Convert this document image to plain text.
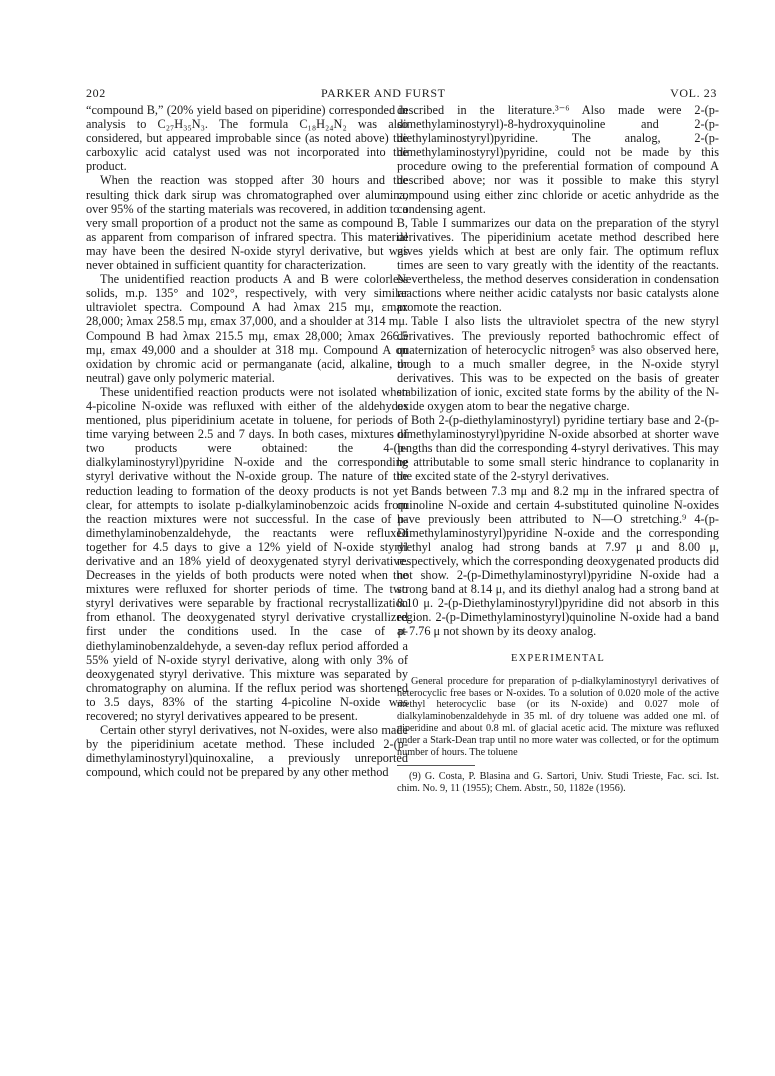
202	PARKER AND FURST	VOL. 23

“compound B,” (20% yield based on piperidine) corresponded in analysis to C₂₇H₃₅N₃. The formula C₁₈H₂₄N₂ was also considered, but appeared improbable since (as noted above) the carboxylic acid catalyst used was not incorporated into the product.

When the reaction was stopped after 30 hours and the resulting thick dark sirup was chromatographed over alumina, over 95% of the starting materials was recovered, in addition to a very small proportion of a product not the same as compound B, as apparent from comparison of infrared spectra. This material may have been the desired N-oxide styryl derivative, but was never obtained in sufficient quantity for characterization.

The unidentified reaction products A and B were colorless solids, m.p. 135° and 102°, respectively, with very similar ultraviolet spectra. Compound A had λmax 215 mμ, εmax 28,000; λmax 258.5 mμ, εmax 37,000, and a shoulder at 314 mμ. Compound B had λmax 215.5 mμ, εmax 28,000; λmax 266.5 mμ, εmax 49,000 and a shoulder at 318 mμ. Compound A on oxidation by chromic acid or permanganate (acid, alkaline, or neutral) gave only polymeric material.

These unidentified reaction products were not isolated when 4-picoline N-oxide was refluxed with either of the aldehydes mentioned, plus piperidinium acetate in toluene, for periods of time varying between 2.5 and 7 days. In both cases, mixtures of two products were obtained: the 4-(p-dialkylaminostyryl)pyridine N-oxide and the corresponding styryl derivative without the N-oxide group. The nature of the reduction leading to formation of the deoxy products is not yet clear, for attempts to isolate p-dialkylaminobenzoic acids from the reaction mixtures were not successful. In the case of p-dimethylaminobenzaldehyde, the reactants were refluxed together for 4.5 days to give a 12% yield of N-oxide styryl derivative and an 18% yield of deoxygenated styryl derivative. Decreases in the yields of both products were noted when the mixtures were refluxed for shorter periods of time. The two styryl derivatives were separable by fractional recrystallization from ethanol. The deoxygenated styryl derivative crystallized first under the conditions used. In the case of p-diethylaminobenzaldehyde, a seven-day reflux period afforded a 55% yield of N-oxide styryl derivative, along with only 3% of deoxygenated styryl derivative. This mixture was separated by chromatography on alumina. If the reflux period was shortened to 3.5 days, 83% of the starting 4-picoline N-oxide was recovered; no styryl derivatives appeared to be present.

Certain other styryl derivatives, not N-oxides, were also made by the piperidinium acetate method. These included 2-(p-dimethylaminostyryl)quinoxaline, a previously unreported compound, which could not be prepared by any other method

described in the literature.³⁻⁶ Also made were 2-(p-dimethylaminostyryl)-8-hydroxyquinoline and 2-(p-diethylaminostyryl)pyridine. The analog, 2-(p-dimethylaminostyryl)pyridine, could not be made by this procedure owing to the preferential formation of compound A described above; nor was it possible to make this styryl compound using either zinc chloride or acetic anhydride as the condensing agent.

Table I summarizes our data on the preparation of the styryl derivatives. The piperidinium acetate method described here gives yields which at best are only fair. The optimum reflux times are seen to vary greatly with the identity of the reactants. Nevertheless, the method deserves consideration in condensation reactions where neither acidic catalysts nor basic catalysts alone promote the reaction.

Table I also lists the ultraviolet spectra of the new styryl derivatives. The previously reported bathochromic effect of quaternization of heterocyclic nitrogen⁵ was also observed here, though to a much smaller degree, in the N-oxide styryl derivatives. This was to be expected on the basis of greater stabilization of ionic, excited state forms by the ability of the N-oxide oxygen atom to bear the negative charge.

Both 2-(p-diethylaminostyryl) pyridine tertiary base and 2-(p-dimethylaminostyryl)pyridine N-oxide absorbed at shorter wave lengths than did the corresponding 4-styryl derivatives. This may be attributable to some small steric hindrance to coplanarity in the excited state of the 2-styryl derivatives.

Bands between 7.3 mμ and 8.2 mμ in the infrared spectra of quinoline N-oxide and certain 4-substituted quinoline N-oxides have previously been attributed to N—O stretching.⁹ 4-(p-Dimethylaminostyryl)pyridine N-oxide and the corresponding diethyl analog had strong bands at 7.97 μ and 8.00 μ, respectively, which the corresponding deoxygenated products did not show. 2-(p-Dimethylaminostyryl)pyridine N-oxide had a strong band at 8.14 μ, and its diethyl analog had a strong band at 8.10 μ. 2-(p-Diethylaminostyryl)pyridine did not absorb in this region. 2-(p-Dimethylaminostyryl)quinoline N-oxide had a band at 7.76 μ not shown by its deoxy analog.

EXPERIMENTAL

General procedure for preparation of p-dialkylaminostyryl derivatives of heterocyclic free bases or N-oxides. To a solution of 0.020 mole of the active methyl heterocyclic base (or its N-oxide) and 0.027 mole of dialkylaminobenzaldehyde in 35 ml. of dry toluene was added one ml. of piperidine and about 0.8 ml. of glacial acetic acid. The mixture was refluxed under a Stark-Dean trap until no more water was collected, or for the optimum number of hours. The toluene

(9) G. Costa, P. Blasina and G. Sartori, Univ. Studi Trieste, Fac. sci. Ist. chim. No. 9, 11 (1955); Chem. Abstr., 50, 1182e (1956).
